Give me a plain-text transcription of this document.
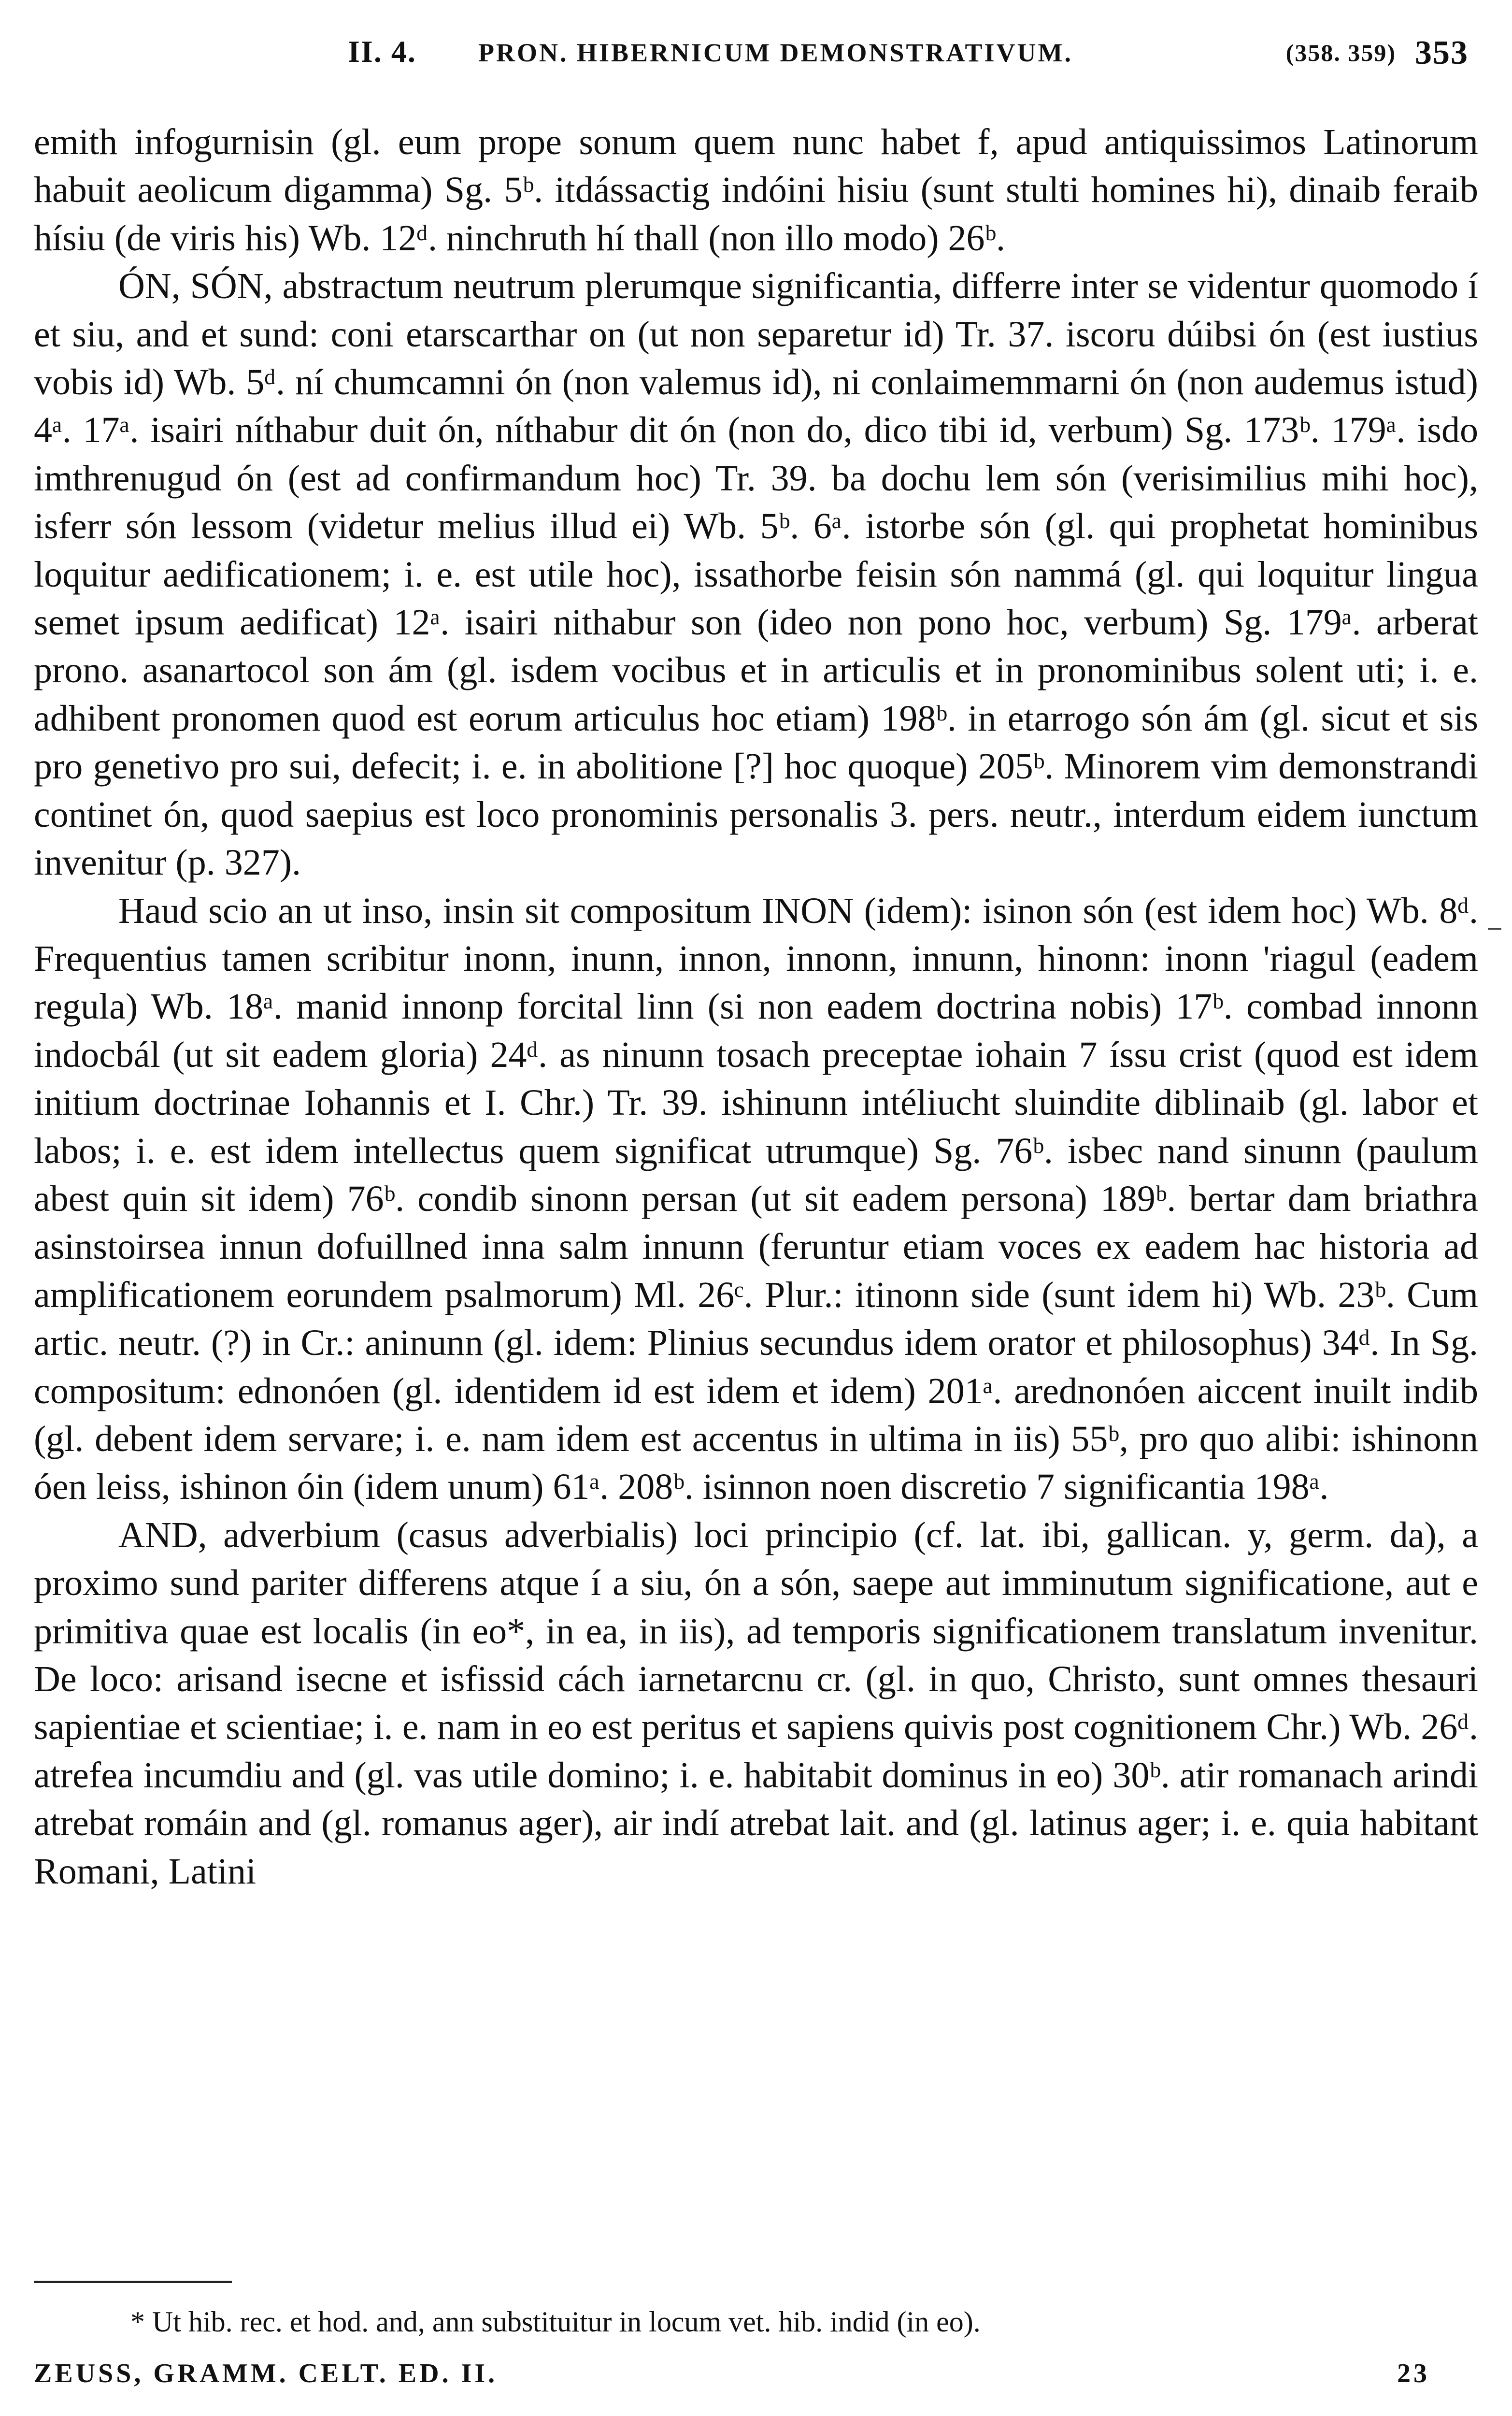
II. 4. PRON. HIBERNICUM DEMONSTRATIVUM.	(358. 359) 353

emith infogurnisin (gl. eum prope sonum quem nunc habet f, apud antiquissimos Latinorum habuit aeolicum digamma) Sg. 5ᵇ. itdássactig indóini hisiu (sunt stulti homines hi), dinaib feraib hísiu (de viris his) Wb. 12ᵈ. ninchruth hí thall (non illo modo) 26ᵇ.

ÓN, SÓN, abstractum neutrum plerumque significantia, differre inter se videntur quomodo í et siu, and et sund: coni etarscarthar on (ut non separetur id) Tr. 37. iscoru dúibsi ón (est iustius vobis id) Wb. 5ᵈ. ní chumcamni ón (non valemus id), ni conlaimemmarni ón (non audemus istud) 4ᵃ. 17ᵃ. isairi níthabur duit ón, níthabur dit ón (non do, dico tibi id, verbum) Sg. 173ᵇ. 179ᵃ. isdo imthrenugud ón (est ad confirmandum hoc) Tr. 39. ba dochu lem són (verisimilius mihi hoc), isferr són lessom (videtur melius illud ei) Wb. 5ᵇ. 6ᵃ. istorbe són (gl. qui prophetat hominibus loquitur aedificationem; i. e. est utile hoc), issathorbe feisin són nammá (gl. qui loquitur lingua semet ipsum aedificat) 12ᵃ. isairi nithabur son (ideo non pono hoc, verbum) Sg. 179ᵃ. arberat prono. asanartocol son ám (gl. isdem vocibus et in articulis et in pronominibus solent uti; i. e. adhibent pronomen quod est eorum articulus hoc etiam) 198ᵇ. in etarrogo són ám (gl. sicut et sis pro genetivo pro sui, defecit; i. e. in abolitione [?] hoc quoque) 205ᵇ. Minorem vim demonstrandi continet ón, quod saepius est loco pronominis personalis 3. pers. neutr., interdum eidem iunctum invenitur (p. 327).

Haud scio an ut inso, insin sit compositum INON (idem): isinon són (est idem hoc) Wb. 8ᵈ. Frequentius tamen scribitur inonn, inunn, innon, innonn, innunn, hinonn: inonn 'riagul (eadem regula) Wb. 18ᵃ. manid innonp forcital linn (si non eadem doctrina nobis) 17ᵇ. combad innonn indocbál (ut sit eadem gloria) 24ᵈ. as ninunn tosach preceptae iohain 7 íssu crist (quod est idem initium doctrinae Iohannis et I. Chr.) Tr. 39. ishinunn intéliucht sluindite diblinaib (gl. labor et labos; i. e. est idem intellectus quem significat utrumque) Sg. 76ᵇ. isbec nand sinunn (paulum abest quin sit idem) 76ᵇ. condib sinonn persan (ut sit eadem persona) 189ᵇ. bertar dam briathra asinstoirsea innun dofuillned inna salm innunn (feruntur etiam voces ex eadem hac historia ad amplificationem eorundem psalmorum) Ml. 26ᶜ. Plur.: itinonn side (sunt idem hi) Wb. 23ᵇ. Cum artic. neutr. (?) in Cr.: aninunn (gl. idem: Plinius secundus idem orator et philosophus) 34ᵈ. In Sg. compositum: ednonóen (gl. identidem id est idem et idem) 201ᵃ. arednonóen aiccent inuilt indib (gl. debent idem servare; i. e. nam idem est accentus in ultima in iis) 55ᵇ, pro quo alibi: ishinonn óen leiss, ishinon óin (idem unum) 61ᵃ. 208ᵇ. isinnon noen discretio 7 significantia 198ᵃ.

AND, adverbium (casus adverbialis) loci principio (cf. lat. ibi, gallican. y, germ. da), a proximo sund pariter differens atque í a siu, ón a són, saepe aut imminutum significatione, aut e primitiva quae est localis (in eo*, in ea, in iis), ad temporis significationem translatum invenitur. De loco: arisand isecne et isfissid cách iarnetarcnu cr. (gl. in quo, Christo, sunt omnes thesauri sapientiae et scientiae; i. e. nam in eo est peritus et sapiens quivis post cognitionem Chr.) Wb. 26ᵈ. atrefea incumdiu and (gl. vas utile domino; i. e. habitabit dominus in eo) 30ᵇ. atir romanach arindi atrebat romáin and (gl. romanus ager), air indí atrebat lait. and (gl. latinus ager; i. e. quia habitant Romani, Latini

* Ut hib. rec. et hod. and, ann substituitur in locum vet. hib. indid (in eo).
ZEUSS, GRAMM. CELT. ED. II.	23
